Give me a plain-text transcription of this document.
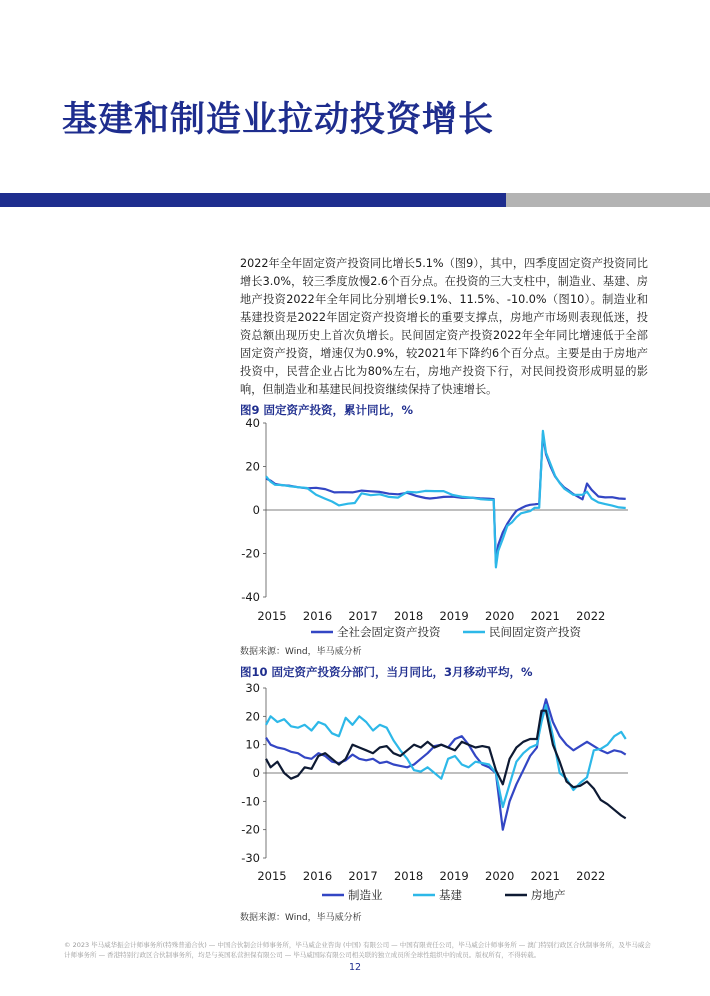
基建和制造业拉动投资增长
2022年全年固定资产投资同比增长5.1%（图9），其中，四季度固定资产投资同比增长3.0%，较三季度放慢2.6个百分点。在投资的三大支柱中，制造业、基建、房地产投资2022年全年同比分别增长9.1%、11.5%、-10.0%（图10）。制造业和基建投资是2022年固定资产投资增长的重要支撑点，房地产市场则表现低迷，投资总额出现历史上首次负增长。民间固定资产投资2022年全年同比增速低于全部固定资产投资，增速仅为0.9%，较2021年下降约6个百分点。主要是由于房地产投资中，民营企业占比为80%左右，房地产投资下行，对民间投资形成明显的影响，但制造业和基建民间投资继续保持了快速增长。
图9 固定资产投资，累计同比，%
40
20
0
-20
-40
2015 2016 2017 2018 2019 2020 2021 2022
全社会固定资产投资	民间固定资产投资
数据来源：Wind，毕马威分析
图10 固定资产投资分部门，当月同比，3月移动平均，%
30
20
10
0
-10
-20
-30
2015 2016 2017 2018 2019 2020 2021 2022
制造业	基建	房地产
数据来源：Wind，毕马威分析
© 2023 毕马威华振会计师事务所(特殊普通合伙) — 中国合伙制会计师事务所，毕马威企业咨询 (中国) 有限公司 — 中国有限责任公司，毕马威会计师事务所 — 澳门特别行政区合伙制事务所，及毕马威会计师事务所 — 香港特别行政区合伙制事务所，均是与英国私营担保有限公司 — 毕马威国际有限公司相关联的独立成员所全球性组织中的成员。版权所有，不得转载。
12
